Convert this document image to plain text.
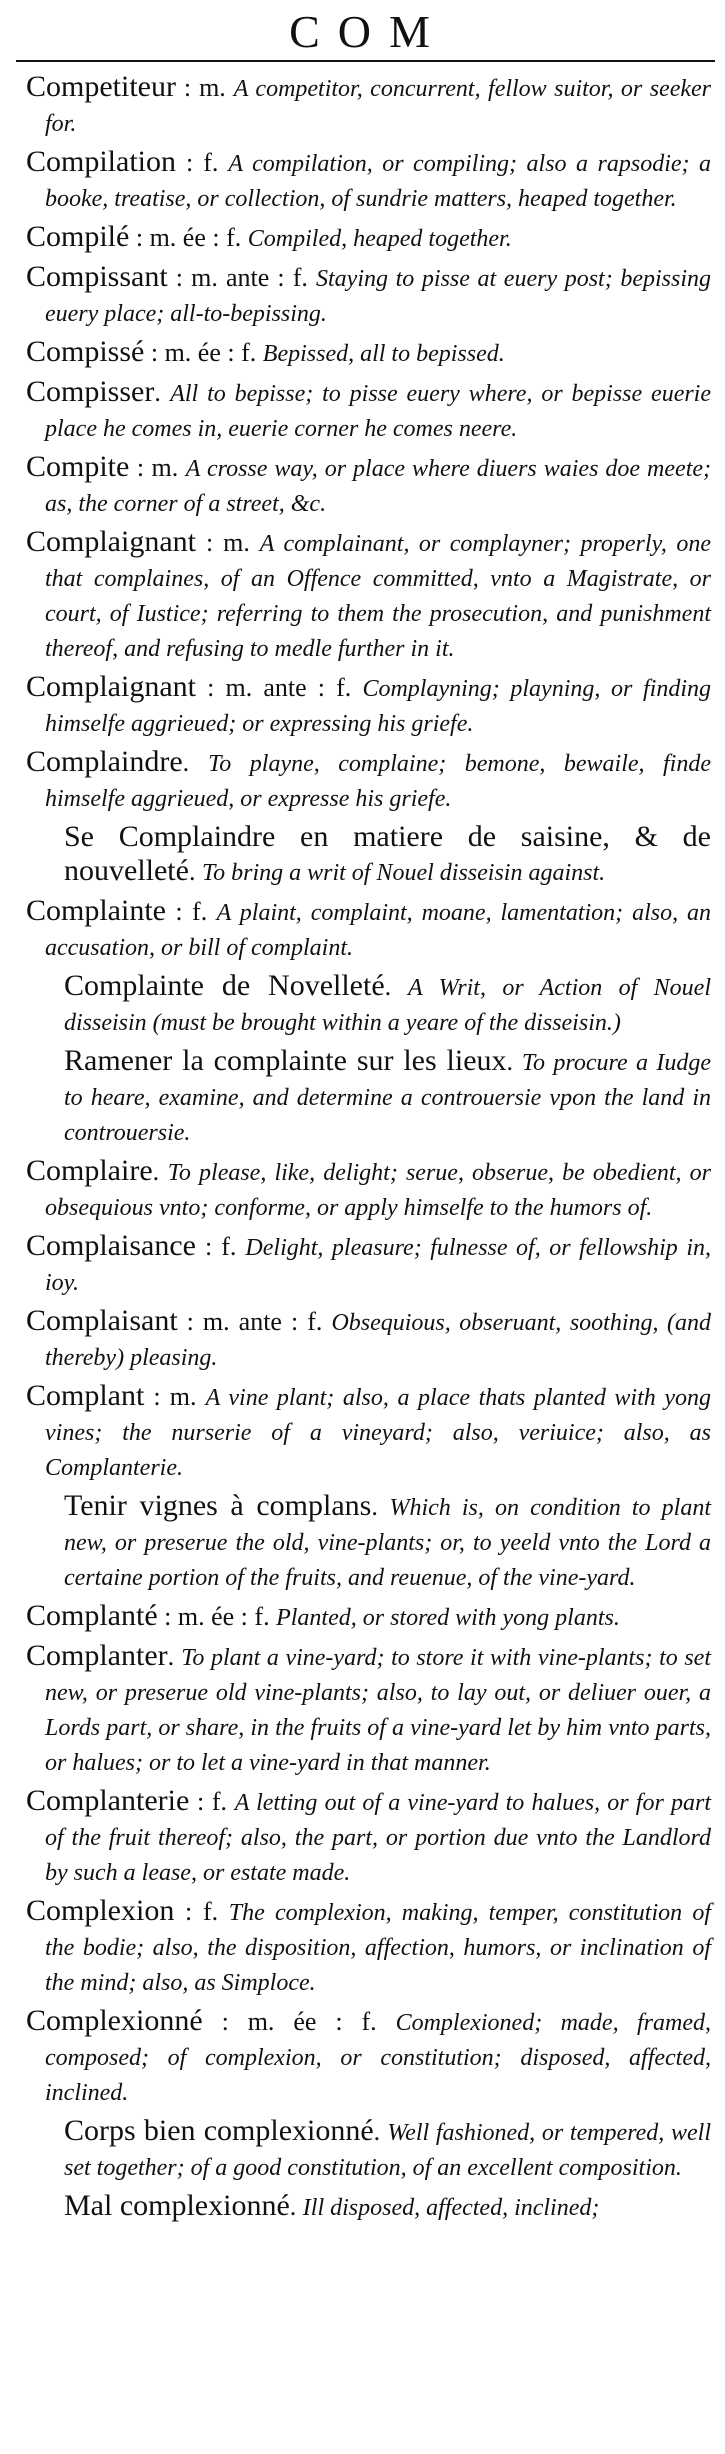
COM
Competiteur : m. A competitor, concurrent, fellow suitor, or seeker for.
Compilation : f. A compilation, or compiling; also a rapsodie; a booke, treatise, or collection, of sundrie matters, heaped together.
Compilé : m. ée : f. Compiled, heaped together.
Compissant : m. ante : f. Staying to pisse at euery post; bepissing euery place; all-to-bepissing.
Compissé : m. ée : f. Bepissed, all to bepissed.
Compisser. All to bepisse; to pisse euery where, or bepisse euerie place he comes in, euerie corner he comes neere.
Compite : m. A crosse way, or place where diuers waies doe meete; as, the corner of a street, &c.
Complaignant : m. A complainant, or complayner; properly, one that complaines, of an Offence committed, vnto a Magistrate, or court, of Iustice; referring to them the prosecution, and punishment thereof, and refusing to medle further in it.
Complaignant : m. ante : f. Complayning; playning, or finding himselfe aggrieued; or expressing his griefe.
Complaindre. To playne, complaine; bemone, bewaile, finde himselfe aggrieued, or expresse his griefe.
Se Complaindre en matiere de saisine, & de nouvelleté. To bring a writ of Nouel disseisin against.
Complainte : f. A plaint, complaint, moane, lamentation; also, an accusation, or bill of complaint.
Complainte de Novelleté. A Writ, or Action of Nouel disseisin (must be brought within a yeare of the disseisin.)
Ramener la complainte sur les lieux. To procure a Iudge to heare, examine, and determine a controuersie vpon the land in controuersie.
Complaire. To please, like, delight; serue, obserue, be obedient, or obsequious vnto; conforme, or apply himselfe to the humors of.
Complaisance : f. Delight, pleasure; fulnesse of, or fellowship in, ioy.
Complaisant : m. ante : f. Obsequious, obseruant, soothing, (and thereby) pleasing.
Complant : m. A vine plant; also, a place thats planted with yong vines; the nurserie of a vineyard; also, veriuice; also, as Complanterie.
Tenir vignes à complans. Which is, on condition to plant new, or preserue the old, vine-plants; or, to yeeld vnto the Lord a certaine portion of the fruits, and reuenue, of the vine-yard.
Complanté : m. ée : f. Planted, or stored with yong plants.
Complanter. To plant a vine-yard; to store it with vine-plants; to set new, or preserue old vine-plants; also, to lay out, or deliuer ouer, a Lords part, or share, in the fruits of a vine-yard let by him vnto parts, or halues; or to let a vine-yard in that manner.
Complanterie : f. A letting out of a vine-yard to halues, or for part of the fruit thereof; also, the part, or portion due vnto the Landlord by such a lease, or estate made.
Complexion : f. The complexion, making, temper, constitution of the bodie; also, the disposition, affection, humors, or inclination of the mind; also, as Simploce.
Complexionné : m. ée : f. Complexioned; made, framed, composed; of complexion, or constitution; disposed, affected, inclined.
Corps bien complexionné. Well fashioned, or tempered, well set together; of a good constitution, of an excellent composition.
Mal complexionné. Ill disposed, affected, inclined;
